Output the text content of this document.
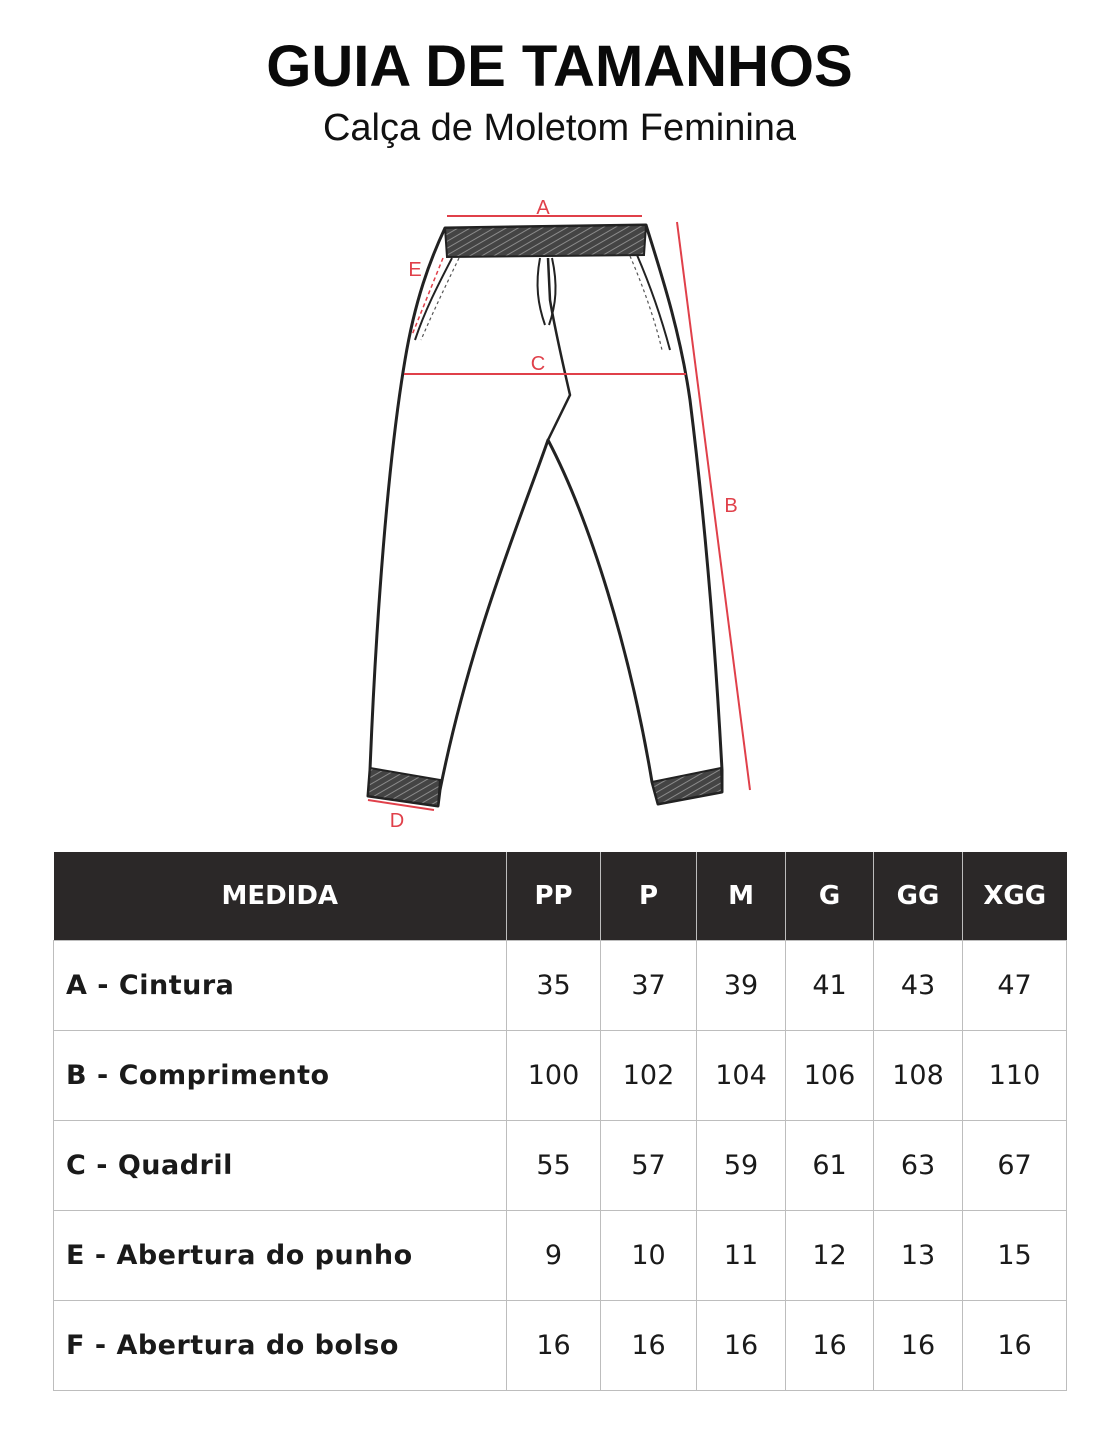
GUIA DE TAMANHOS
Calça de Moletom Feminina
A
B
C
D
E
MEDIDA	PP	P	M	G	GG	XGG
A - Cintura	35	37	39	41	43	47
B - Comprimento	100	102	104	106	108	110
C - Quadril	55	57	59	61	63	67
E - Abertura do punho	9	10	11	12	13	15
F - Abertura do bolso	16	16	16	16	16	16
